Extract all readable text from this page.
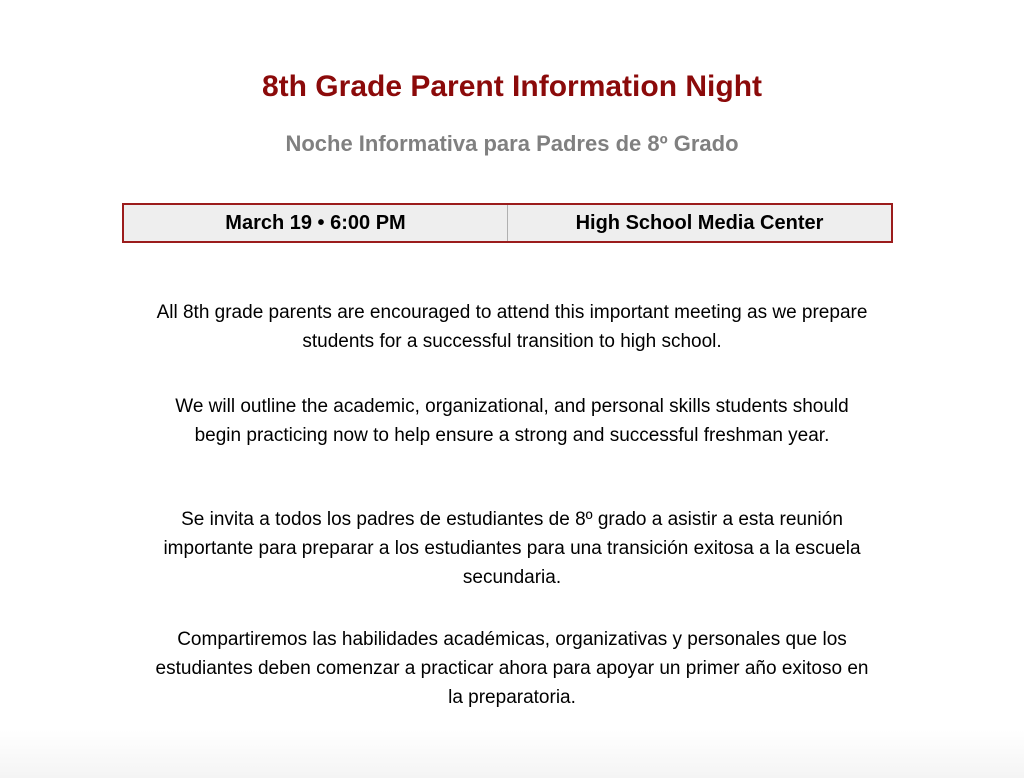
8th Grade Parent Information Night
Noche Informativa para Padres de 8º Grado
March 19 • 6:00 PM	High School Media Center

All 8th grade parents are encouraged to attend this important meeting as we prepare
students for a successful transition to high school.

We will outline the academic, organizational, and personal skills students should
begin practicing now to help ensure a strong and successful freshman year.

Se invita a todos los padres de estudiantes de 8º grado a asistir a esta reunión
importante para preparar a los estudiantes para una transición exitosa a la escuela
secundaria.

Compartiremos las habilidades académicas, organizativas y personales que los
estudiantes deben comenzar a practicar ahora para apoyar un primer año exitoso en
la preparatoria.
